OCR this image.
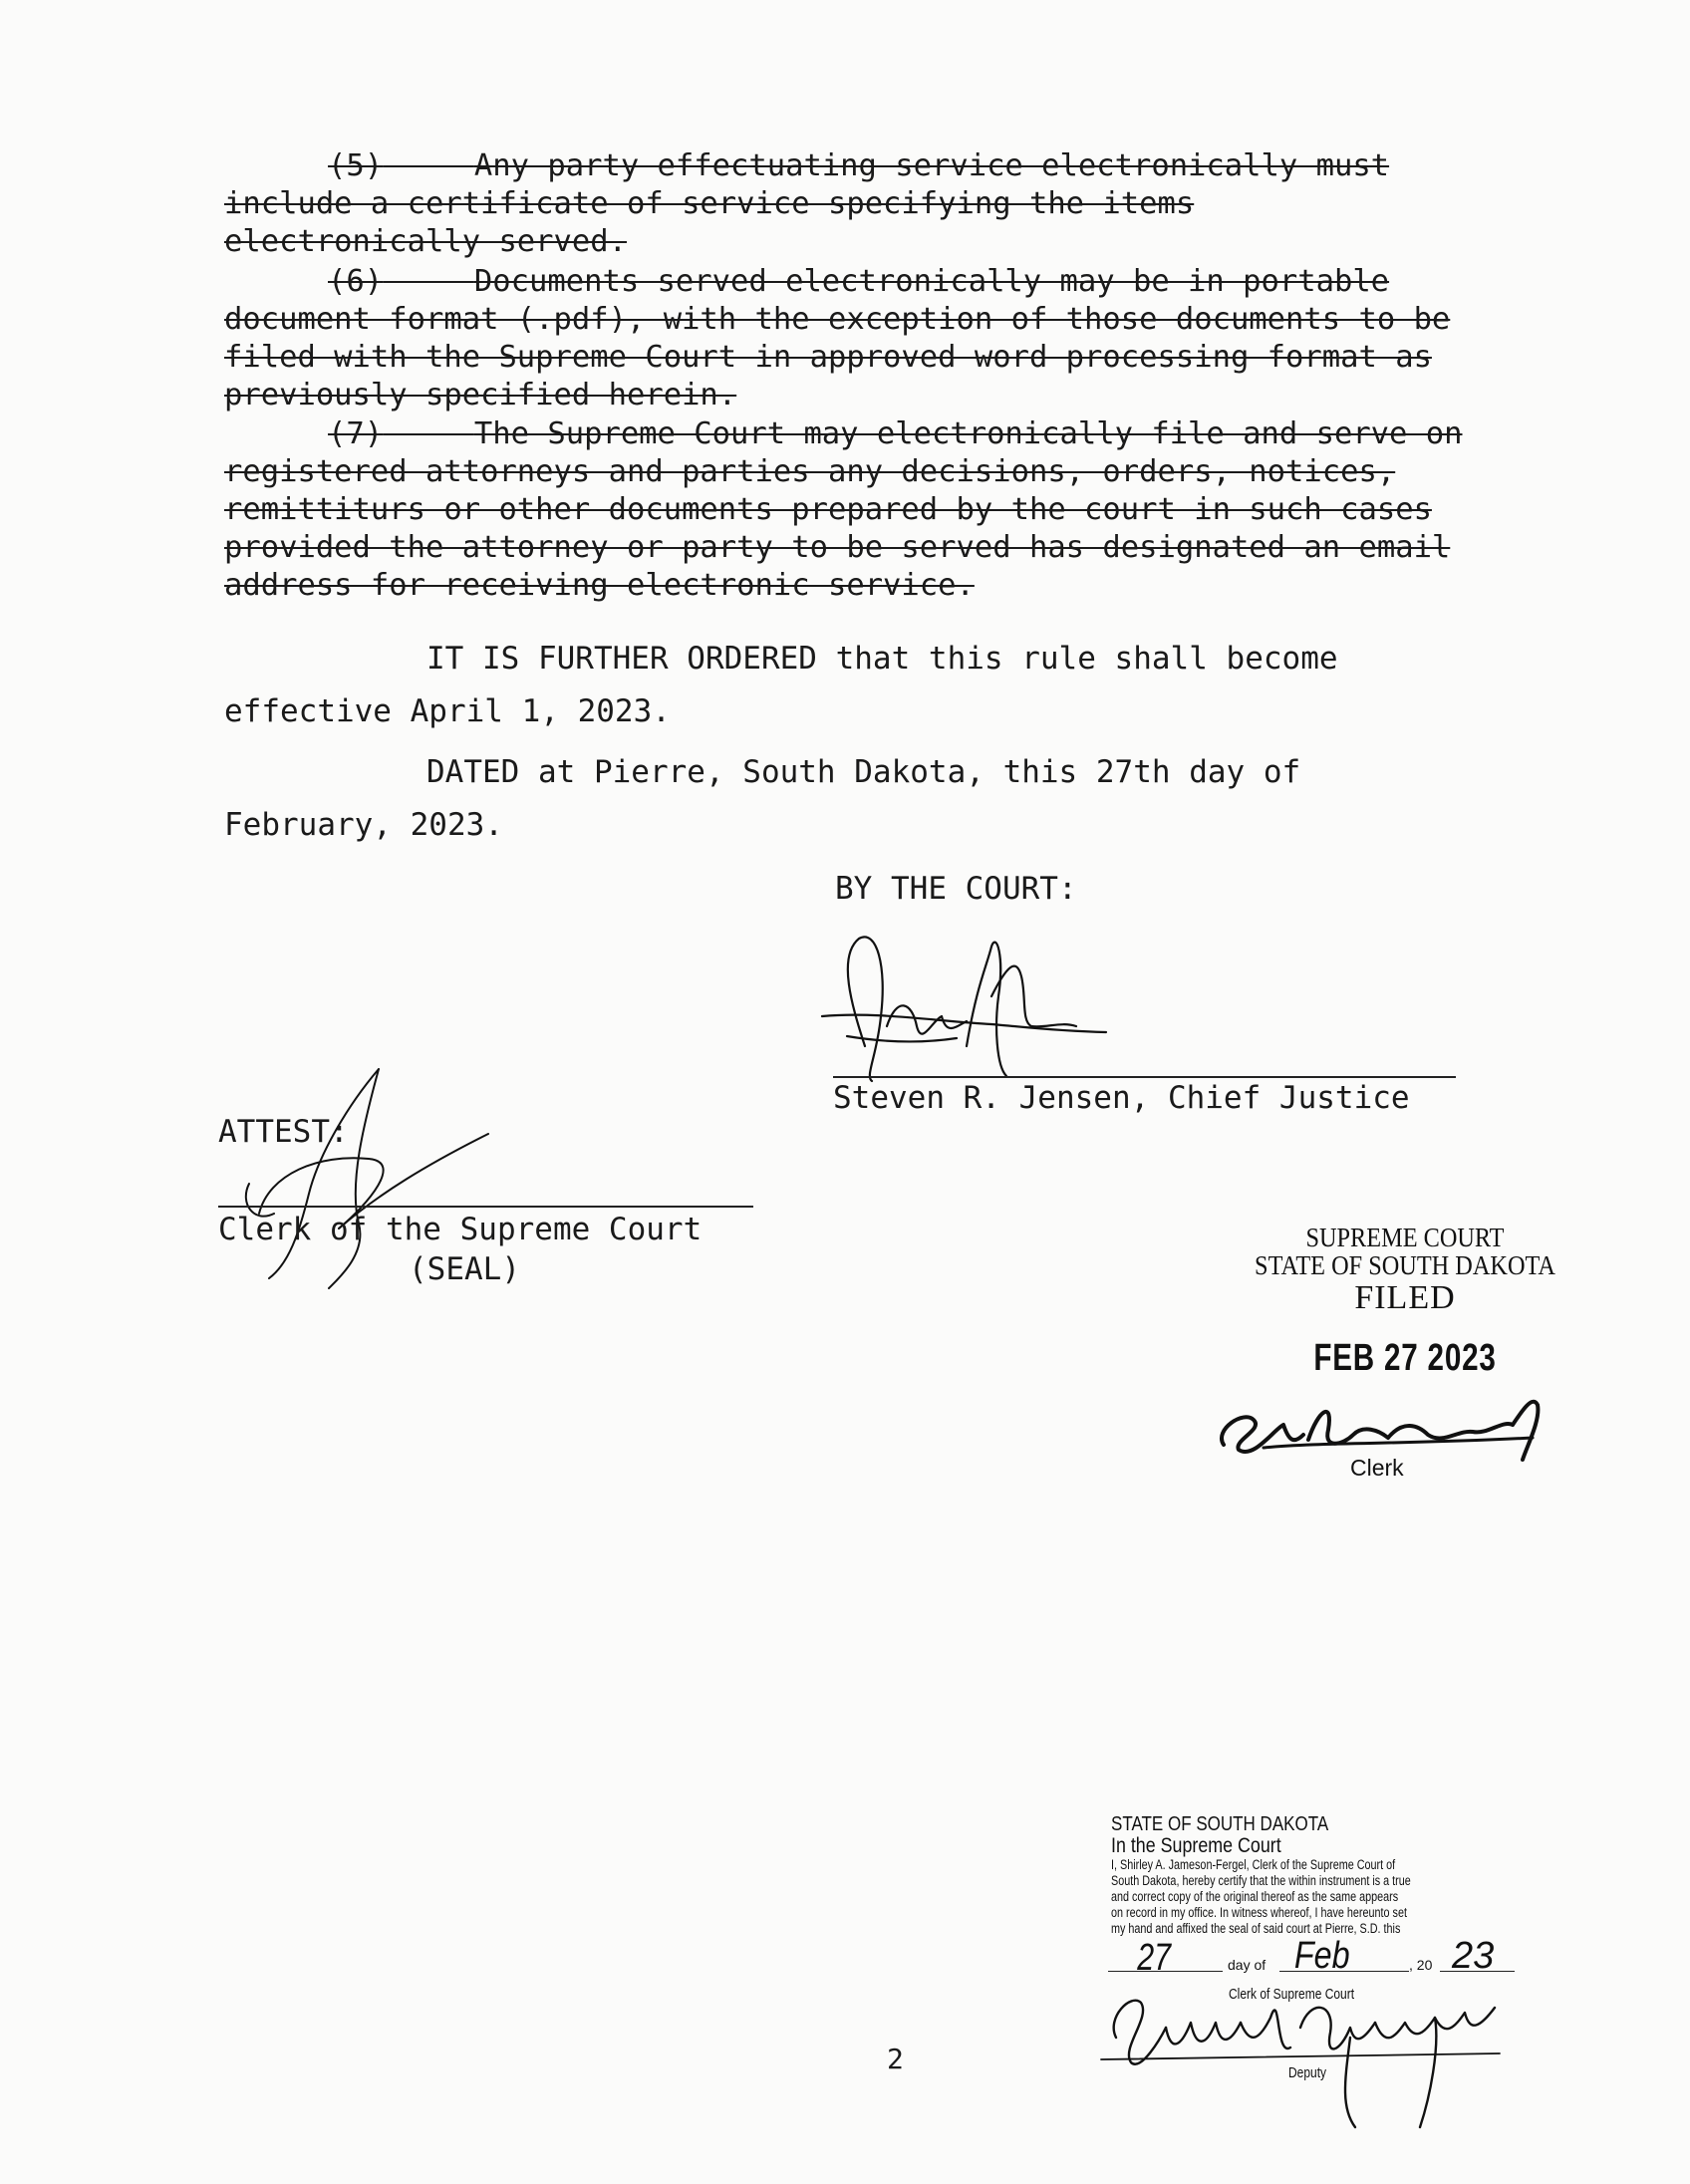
(5)	Any party effectuating service electronically must
include a certificate of service specifying the items
electronically served.
(6)	Documents served electronically may be in portable
document format (.pdf), with the exception of those documents to be
filed with the Supreme Court in approved word processing format as
previously specified herein.
(7)	The Supreme Court may electronically file and serve on
registered attorneys and parties any decisions, orders, notices,
remittiturs or other documents prepared by the court in such cases
provided the attorney or party to be served has designated an email
address for receiving electronic service.
IT IS FURTHER ORDERED that this rule shall become
effective April 1, 2023.
DATED at Pierre, South Dakota, this 27th day of
February, 2023.
BY THE COURT:
Steven R. Jensen, Chief Justice
ATTEST:
Clerk of the Supreme Court
(SEAL)
SUPREME COURT
STATE OF SOUTH DAKOTA
FILED
FEB 27 2023
Clerk
STATE OF SOUTH DAKOTA
In the Supreme Court
I, Shirley A. Jameson-Fergel, Clerk of the Supreme Court of
South Dakota, hereby certify that the within instrument is a true
and correct copy of the original thereof as the same appears
on record in my office. In witness whereof, I have hereunto set
my hand and affixed the seal of said court at Pierre, S.D. this
27	day of Feb	, 20 23
Clerk of Supreme Court
Deputy
2
